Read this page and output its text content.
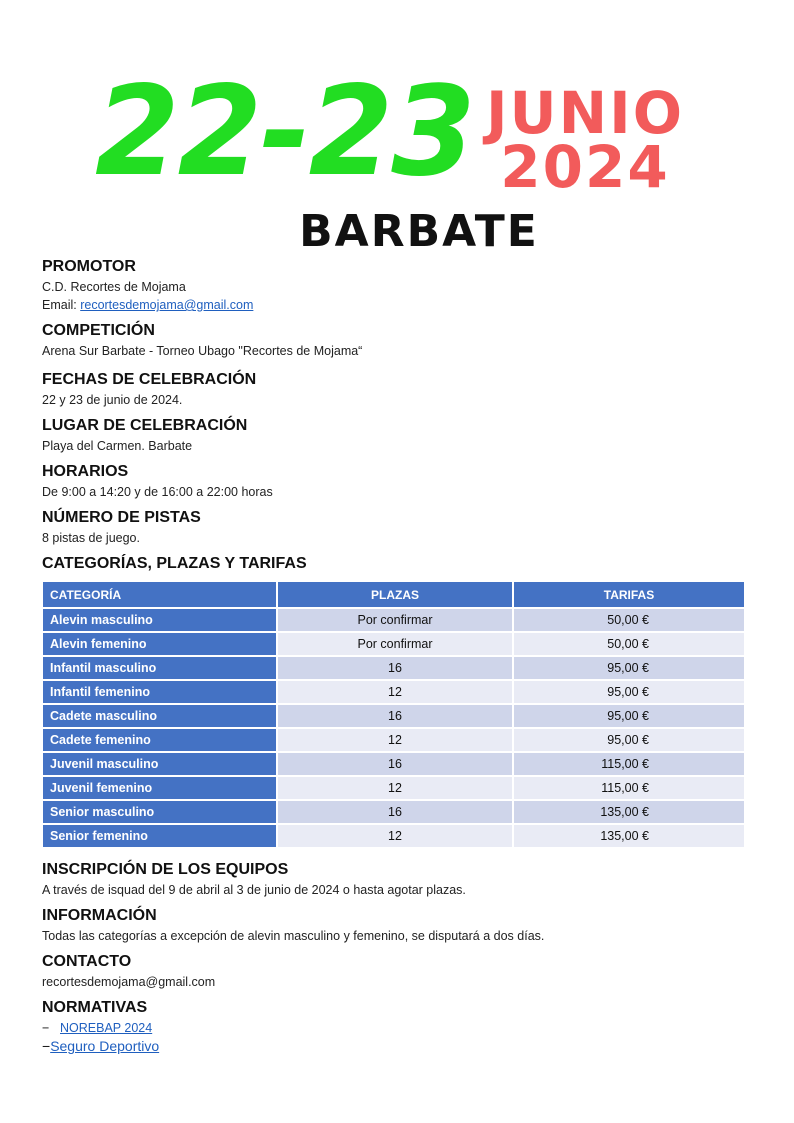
22-23 JUNIO
2024
BARBATE

PROMOTOR

C.D. Recortes de Mojama

Email: recortesdemojama@gmail.com

COMPETICIÓN

Arena Sur Barbate - Torneo Ubago "Recortes de Mojama“

FECHAS DE CELEBRACIÓN

22 y 23 de junio de 2024.

LUGAR DE CELEBRACIÓN

Playa del Carmen. Barbate

HORARIOS

De 9:00 a 14:20 y de 16:00 a 22:00 horas

NÚMERO DE PISTAS

8 pistas de juego.

CATEGORÍAS, PLAZAS Y TARIFAS

CATEGORÍA	PLAZAS	TARIFAS
Alevin masculino	Por confirmar	50,00 €
Alevin femenino	Por confirmar	50,00 €
Infantil masculino	16	95,00 €
Infantil femenino	12	95,00 €
Cadete masculino	16	95,00 €
Cadete femenino	12	95,00 €
Juvenil masculino	16	115,00 €
Juvenil femenino	12	115,00 €
Senior masculino	16	135,00 €
Senior femenino	12	135,00 €

INSCRIPCIÓN DE LOS EQUIPOS

A través de isquad del 9 de abril al 3 de junio de 2024 o hasta agotar plazas.

INFORMACIÓN

Todas las categorías a excepción de alevin masculino y femenino, se disputará a dos días.

CONTACTO

recortesdemojama@gmail.com

NORMATIVAS

− NOREBAP 2024
−Seguro Deportivo
